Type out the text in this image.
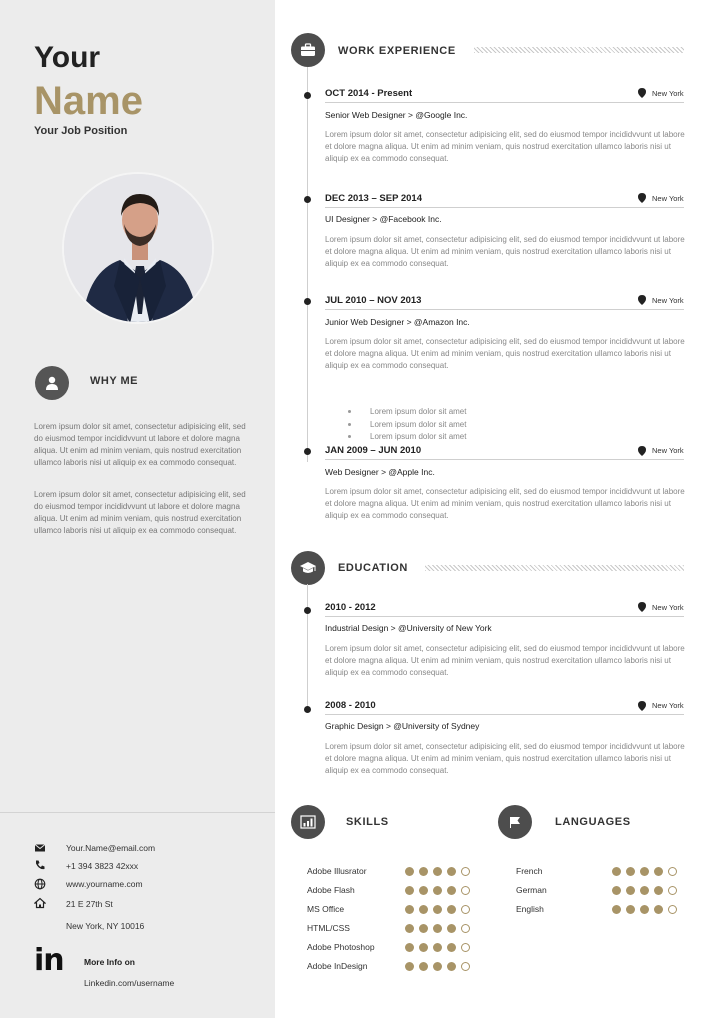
Your
Name
Your Job Position
WHY ME
Lorem ipsum dolor sit amet, consectetur adipisicing elit, sed do eiusmod tempor incididvvunt ut labore et dolore magna aliqua. Ut enim ad minim veniam, quis nostrud exercitation ullamco laboris nisi ut aliquip ex ea commodo consequat.
Lorem ipsum dolor sit amet, consectetur adipisicing elit, sed do eiusmod tempor incididvvunt ut labore et dolore magna aliqua. Ut enim ad minim veniam, quis nostrud exercitation ullamco laboris nisi ut aliquip ex ea commodo consequat.
Your.Name@email.com
+1 394 3823 42xxx
www.yourname.com
21 E 27th St
New York, NY 10016
in More Info on
Linkedin.com/username
WORK EXPERIENCE
OCT 2014 - Present	New York
Senior Web Designer > @Google Inc.
Lorem ipsum dolor sit amet, consectetur adipisicing elit, sed do eiusmod tempor incididvvunt ut labore et dolore magna aliqua. Ut enim ad minim veniam, quis nostrud exercitation ullamco laboris nisi ut aliquip ex ea commodo consequat.
DEC 2013 – SEP 2014	New York
UI Designer > @Facebook Inc.
Lorem ipsum dolor sit amet, consectetur adipisicing elit, sed do eiusmod tempor incididvvunt ut labore et dolore magna aliqua. Ut enim ad minim veniam, quis nostrud exercitation ullamco laboris nisi ut aliquip ex ea commodo consequat.
JUL 2010 – NOV 2013	New York
Junior Web Designer > @Amazon Inc.
Lorem ipsum dolor sit amet, consectetur adipisicing elit, sed do eiusmod tempor incididvvunt ut labore et dolore magna aliqua. Ut enim ad minim veniam, quis nostrud exercitation ullamco laboris nisi ut aliquip ex ea commodo consequat.
Lorem ipsum dolor sit amet
Lorem ipsum dolor sit amet
Lorem ipsum dolor sit amet
JAN 2009 – JUN 2010	New York
Web Designer > @Apple Inc.
Lorem ipsum dolor sit amet, consectetur adipisicing elit, sed do eiusmod tempor incididvvunt ut labore et dolore magna aliqua. Ut enim ad minim veniam, quis nostrud exercitation ullamco laboris nisi ut aliquip ex ea commodo consequat.
EDUCATION
2010 - 2012	New York
Industrial Design > @University of New York
Lorem ipsum dolor sit amet, consectetur adipisicing elit, sed do eiusmod tempor incididvvunt ut labore et dolore magna aliqua. Ut enim ad minim veniam, quis nostrud exercitation ullamco laboris nisi ut aliquip ex ea commodo consequat.
2008 - 2010	New York
Graphic Design > @University of Sydney
Lorem ipsum dolor sit amet, consectetur adipisicing elit, sed do eiusmod tempor incididvvunt ut labore et dolore magna aliqua. Ut enim ad minim veniam, quis nostrud exercitation ullamco laboris nisi ut aliquip ex ea commodo consequat.
SKILLS
Adobe Illusrator
Adobe Flash
MS Office
HTML/CSS
Adobe Photoshop
Adobe InDesign
LANGUAGES
French
German
English
